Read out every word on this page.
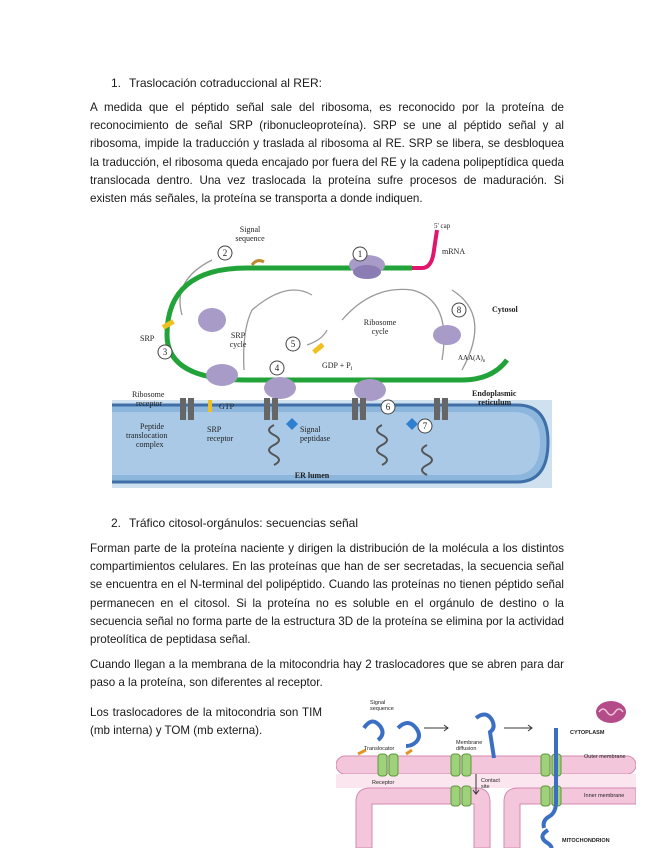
1. Traslocación cotraduccional al RER:

A medida que el péptido señal sale del ribosoma, es reconocido por la proteína de reconocimiento de señal SRP (ribonucleoproteína). SRP se une al péptido señal y al ribosoma, impide la traducción y traslada al ribosoma al RE. SRP se libera, se desbloquea la traducción, el ribosoma queda encajado por fuera del RE y la cadena polipeptídica queda translocada dentro. Una vez traslocada la proteína sufre procesos de maduración. Si existen más señales, la proteína se transporta a donde indiquen.

1
2
3
4
5
6
7
8
Signal
sequence
mRNA
5' cap
SRP	SRP
cycle
Ribosome
cycle
Cytosol
GDP + $P_i$
GTP
$AAA(A)_n$
Ribosome
receptor
Peptide
translocation
complex
SRP
receptor
Signal
peptidase
Endoplasmic
reticulum
ER lumen
2. Tráfico citosol-orgánulos: secuencias señal

Forman parte de la proteína naciente y dirigen la distribución de la molécula a los distintos compartimientos celulares. En las proteínas que han de ser secretadas, la secuencia señal se encuentra en el N-terminal del polipéptido. Cuando las proteínas no tienen péptido señal permanecen en el citosol. Si la proteína no es soluble en el orgánulo de destino o la secuencia señal no forma parte de la estructura 3D de la proteína se elimina por la actividad proteolítica de peptidasa señal.

Cuando llegan a la membrana de la mitocondria hay 2 traslocadores que se abren para dar paso a la proteína, son diferentes al receptor.

Los traslocadores de la mitocondria son TIM (mb interna) y TOM (mb externa).

Signal
sequence
CYTOPLASM
Membrane
diffusion
Translocator
Outer membrane
Receptor	Contact
site
Inner membrane
MITOCHONDRION
